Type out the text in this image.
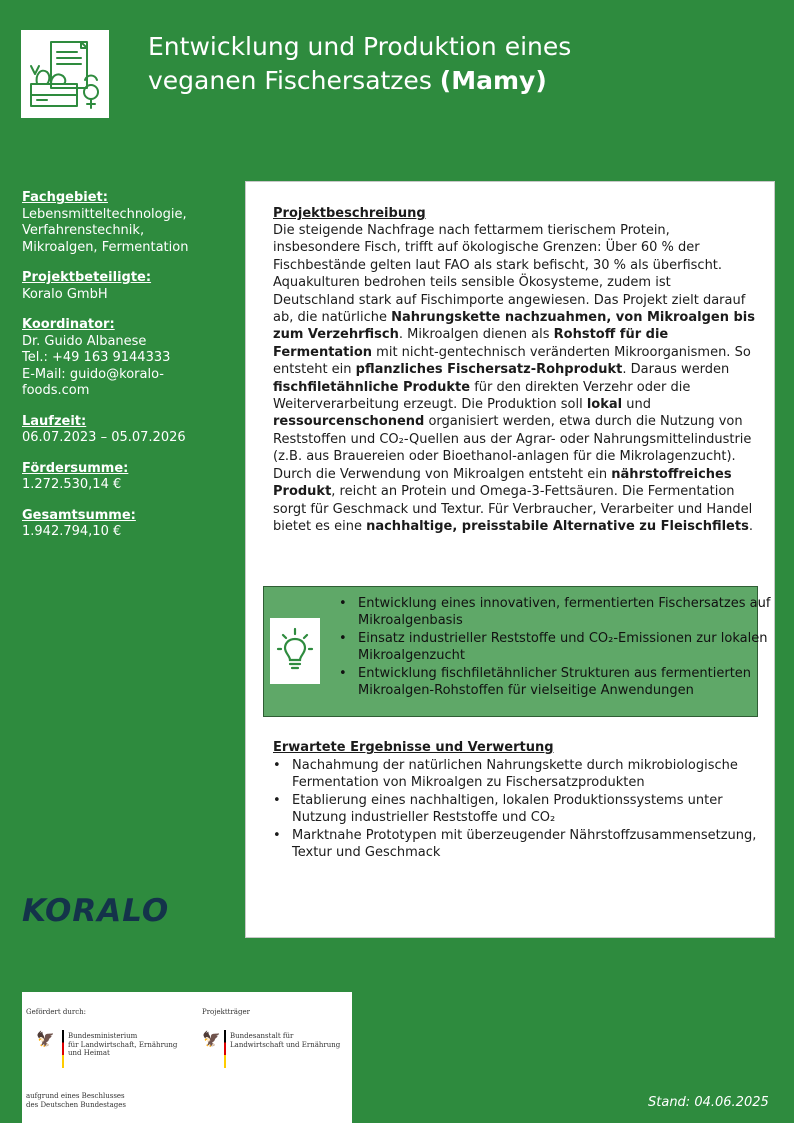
Entwicklung und Produktion eines
veganen Fischersatzes (Mamy)
Fachgebiet:
Lebensmitteltechnologie,
Verfahrenstechnik,
Mikroalgen, Fermentation
Projektbeteiligte:
Koralo GmbH
Koordinator:
Dr. Guido Albanese
Tel.: +49 163 9144333
E-Mail: guido@koralo-
foods.com
Laufzeit:
06.07.2023 – 05.07.2026
Fördersumme:
1.272.530,14 €
Gesamtsumme:
1.942.794,10 €
Projektbeschreibung
Die steigende Nachfrage nach fettarmem tierischem Protein, insbesondere Fisch, trifft auf ökologische Grenzen: Über 60 % der Fischbestände gelten laut FAO als stark befischt, 30 % als überfischt. Aquakulturen bedrohen teils sensible Ökosysteme, zudem ist Deutschland stark auf Fischimporte angewiesen. Das Projekt zielt darauf ab, die natürliche Nahrungskette nachzuahmen, von Mikroalgen bis zum Verzehrfisch. Mikroalgen dienen als Rohstoff für die Fermentation mit nicht-gentechnisch veränderten Mikroorganismen. So entsteht ein pflanzliches Fischersatz-Rohprodukt. Daraus werden fischfiletähnliche Produkte für den direkten Verzehr oder die Weiterverarbeitung erzeugt. Die Produktion soll lokal und ressourcenschonend organisiert werden, etwa durch die Nutzung von Reststoffen und CO₂-Quellen aus der Agrar- oder Nahrungsmittelindustrie (z.B. aus Brauereien oder Bioethanol-anlagen für die Mikrolagenzucht). Durch die Verwendung von Mikroalgen entsteht ein nährstoffreiches Produkt, reicht an Protein und Omega-3-Fettsäuren. Die Fermentation sorgt für Geschmack und Textur. Für Verbraucher, Verarbeiter und Handel bietet es eine nachhaltige, preisstabile Alternative zu Fleischfilets.
• Entwicklung eines innovativen, fermentierten Fischersatzes auf Mikroalgenbasis
• Einsatz industrieller Reststoffe und CO₂-Emissionen zur lokalen Mikroalgenzucht
• Entwicklung fischfiletähnlicher Strukturen aus fermentierten Mikroalgen-Rohstoffen für vielseitige Anwendungen
Erwartete Ergebnisse und Verwertung
• Nachahmung der natürlichen Nahrungskette durch mikrobiologische Fermentation von Mikroalgen zu Fischersatzprodukten
• Etablierung eines nachhaltigen, lokalen Produktionssystems unter Nutzung industrieller Reststoffe und CO₂
• Marktnahe Prototypen mit überzeugender Nährstoffzusammensetzung, Textur und Geschmack
KORALO
Gefördert durch:
🦅 Bundesministerium
für Landwirtschaft, Ernährung
und Heimat
Projektträger
🦅 Bundesanstalt für
Landwirtschaft und Ernährung
aufgrund eines Beschlusses
des Deutschen Bundestages	Stand: 04.06.2025
